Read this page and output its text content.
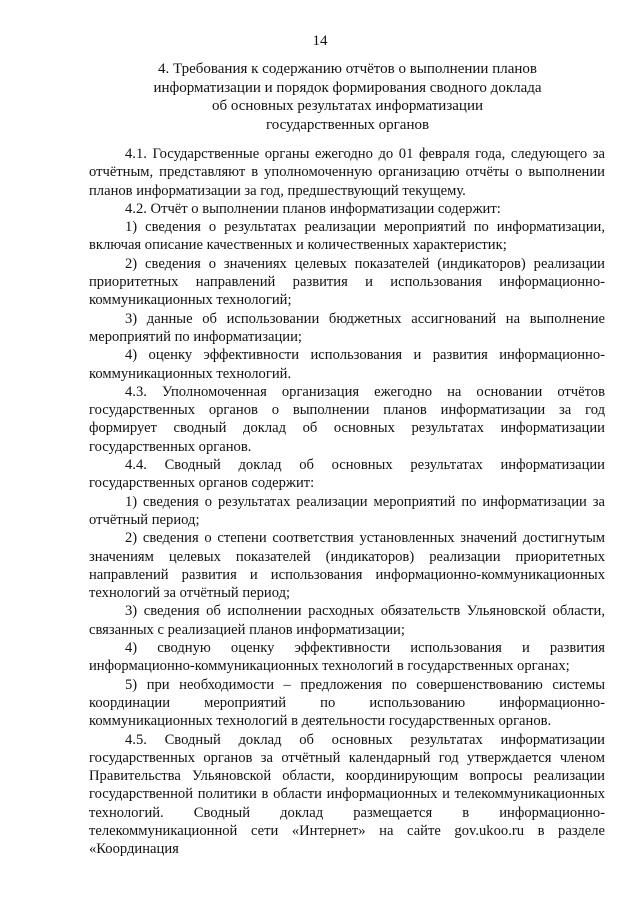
14
4. Требования к содержанию отчётов о выполнении планов
информатизации и порядок формирования сводного доклада
об основных результатах информатизации
государственных органов

4.1. Государственные органы ежегодно до 01 февраля года, следующего за отчётным, представляют в уполномоченную организацию отчёты о выполнении планов информатизации за год, предшествующий текущему.

4.2. Отчёт о выполнении планов информатизации содержит:

1) сведения о результатах реализации мероприятий по информатизации, включая описание качественных и количественных характеристик;

2) сведения о значениях целевых показателей (индикаторов) реализации приоритетных направлений развития и использования информационно-коммуникационных технологий;

3) данные об использовании бюджетных ассигнований на выполнение мероприятий по информатизации;

4) оценку эффективности использования и развития информационно-коммуникационных технологий.

4.3. Уполномоченная организация ежегодно на основании отчётов государственных органов о выполнении планов информатизации за год формирует сводный доклад об основных результатах информатизации государственных органов.

4.4. Сводный доклад об основных результатах информатизации государственных органов содержит:

1) сведения о результатах реализации мероприятий по информатизации за отчётный период;

2) сведения о степени соответствия установленных значений достигнутым значениям целевых показателей (индикаторов) реализации приоритетных направлений развития и использования информационно-коммуникационных технологий за отчётный период;

3) сведения об исполнении расходных обязательств Ульяновской области, связанных с реализацией планов информатизации;

4) сводную оценку эффективности использования и развития информационно-коммуникационных технологий в государственных органах;

5) при необходимости – предложения по совершенствованию системы координации мероприятий по использованию информационно-коммуникационных технологий в деятельности государственных органов.

4.5. Сводный доклад об основных результатах информатизации государственных органов за отчётный календарный год утверждается членом Правительства Ульяновской области, координирующим вопросы реализации государственной политики в области информационных и телекоммуникационных технологий. Сводный доклад размещается в информационно-телекоммуникационной сети «Интернет» на сайте gov.ukoo.ru в разделе «Координация
